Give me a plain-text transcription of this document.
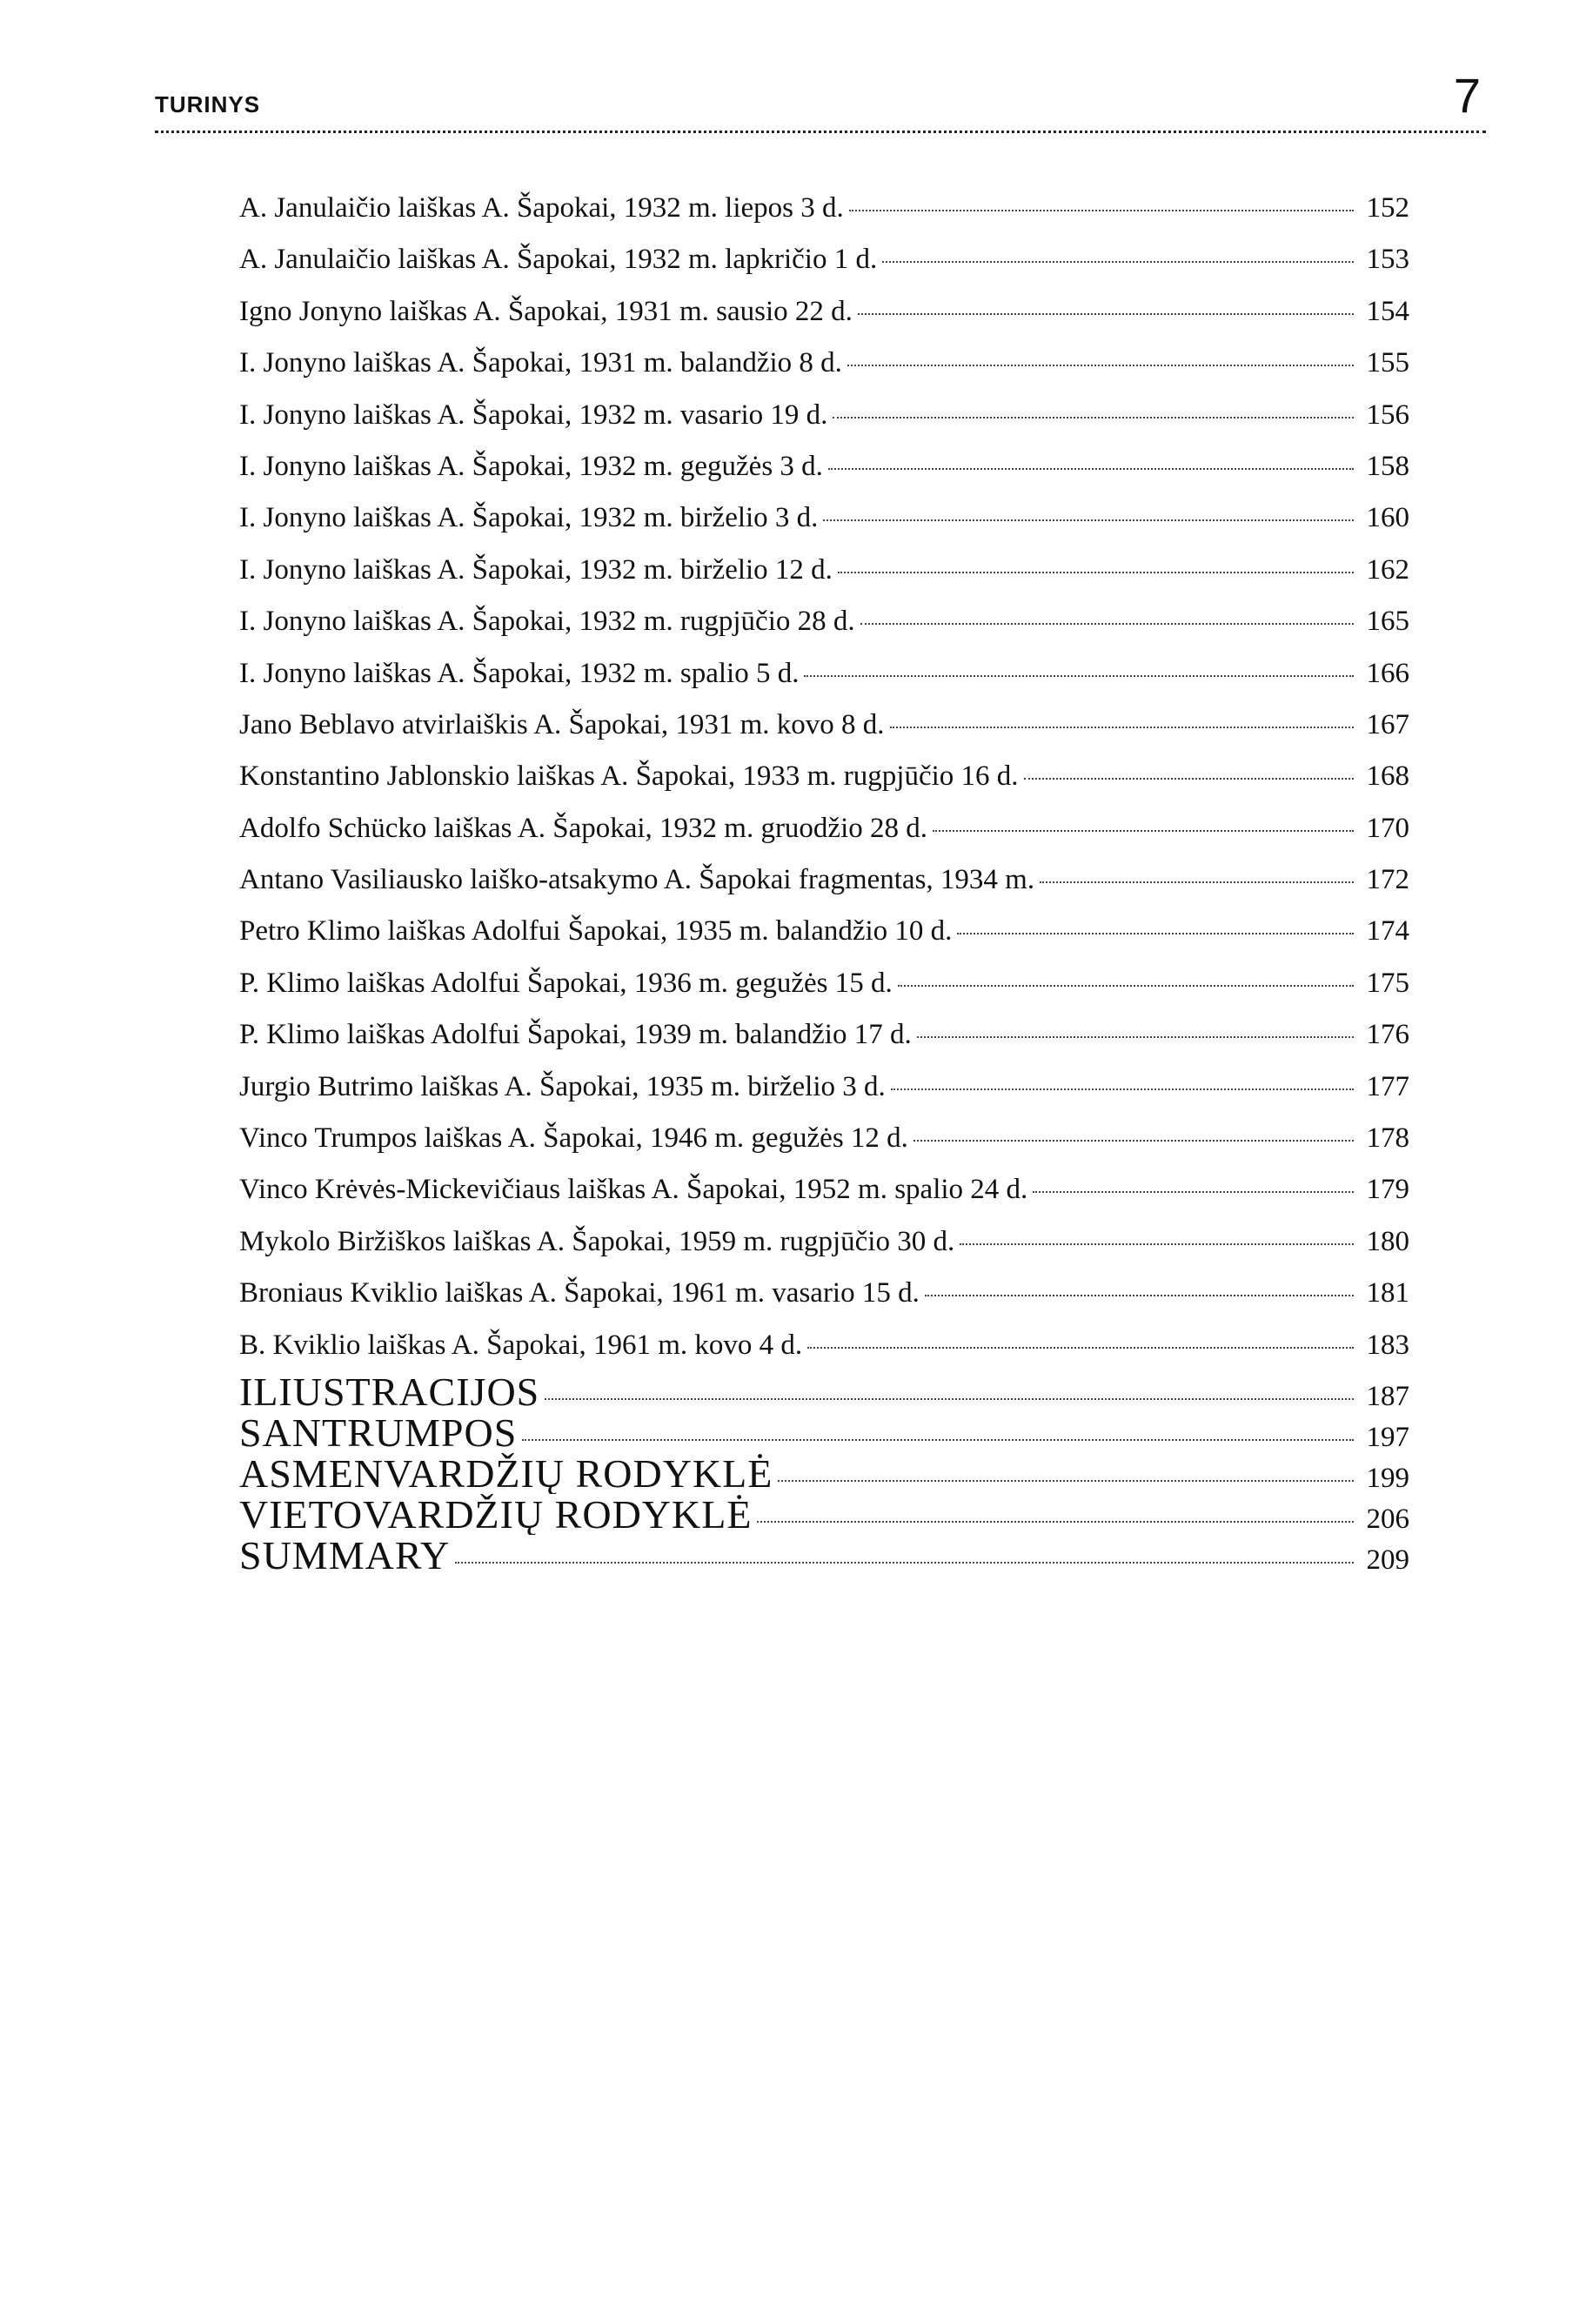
TURINYS	7
A. Janulaičio laiškas A. Šapokai, 1932 m. liepos 3 d.	152
A. Janulaičio laiškas A. Šapokai, 1932 m. lapkričio 1 d.	153
Igno Jonyno laiškas A. Šapokai, 1931 m. sausio 22 d.	154
I. Jonyno laiškas A. Šapokai, 1931 m. balandžio 8 d.	155
I. Jonyno laiškas A. Šapokai, 1932 m. vasario 19 d.	156
I. Jonyno laiškas A. Šapokai, 1932 m. gegužės 3 d.	158
I. Jonyno laiškas A. Šapokai, 1932 m. birželio 3 d.	160
I. Jonyno laiškas A. Šapokai, 1932 m. birželio 12 d.	162
I. Jonyno laiškas A. Šapokai, 1932 m. rugpjūčio 28 d.	165
I. Jonyno laiškas A. Šapokai, 1932 m. spalio 5 d.	166
Jano Beblavo atvirlaiškis A. Šapokai, 1931 m. kovo 8 d.	167
Konstantino Jablonskio laiškas A. Šapokai, 1933 m. rugpjūčio 16 d.	168
Adolfo Schücko laiškas A. Šapokai, 1932 m. gruodžio 28 d.	170
Antano Vasiliausko laiško-atsakymo A. Šapokai fragmentas, 1934 m.	172
Petro Klimo laiškas Adolfui Šapokai, 1935 m. balandžio 10 d.	174
P. Klimo laiškas Adolfui Šapokai, 1936 m. gegužės 15 d.	175
P. Klimo laiškas Adolfui Šapokai, 1939 m. balandžio 17 d.	176
Jurgio Butrimo laiškas A. Šapokai, 1935 m. birželio 3 d.	177
Vinco Trumpos laiškas A. Šapokai, 1946 m. gegužės 12 d.	178
Vinco Krėvės-Mickevičiaus laiškas A. Šapokai, 1952 m. spalio 24 d.	179
Mykolo Biržiškos laiškas A. Šapokai, 1959 m. rugpjūčio 30 d.	180
Broniaus Kviklio laiškas A. Šapokai, 1961 m. vasario 15 d.	181
B. Kviklio laiškas A. Šapokai, 1961 m. kovo 4 d.	183
ILIUSTRACIJOS	187
SANTRUMPOS	197
ASMENVARDŽIŲ RODYKLĖ	199
VIETOVARDŽIŲ RODYKLĖ	206
SUMMARY	209
